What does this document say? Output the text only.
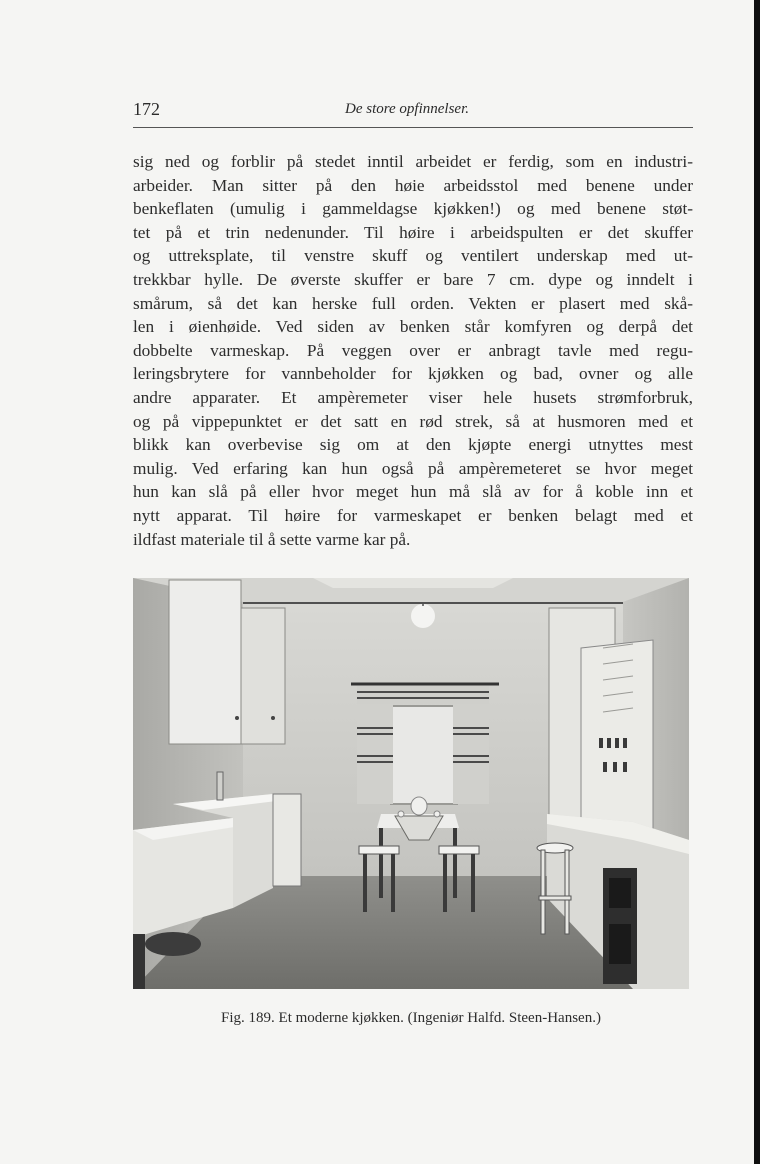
172	De store opfinnelser.

sig ned og forblir på stedet inntil arbeidet er ferdig, som en industri-
arbeider. Man sitter på den høie arbeidsstol med benene under
benkeflaten (umulig i gammeldagse kjøkken!) og med benene støt-
tet på et trin nedenunder. Til høire i arbeidspulten er det skuffer
og uttreksplate, til venstre skuff og ventilert underskap med ut-
trekkbar hylle. De øverste skuffer er bare 7 cm. dype og inndelt i
smårum, så det kan herske full orden. Vekten er plasert med skå-
len i øienhøide. Ved siden av benken står komfyren og derpå det
dobbelte varmeskap. På veggen over er anbragt tavle med regu-
leringsbrytere for vannbeholder for kjøkken og bad, ovner og alle
andre apparater. Et ampèremeter viser hele husets strømforbruk,
og på vippepunktet er det satt en rød strek, så at husmoren med et
blikk kan overbevise sig om at den kjøpte energi utnyttes mest
mulig. Ved erfaring kan hun også på ampèremeteret se hvor meget
hun kan slå på eller hvor meget hun må slå av for å koble inn et
nytt apparat. Til høire for varmeskapet er benken belagt med et
ildfast materiale til å sette varme kar på.

Fig. 189. Et moderne kjøkken. (Ingeniør Halfd. Steen-Hansen.)
